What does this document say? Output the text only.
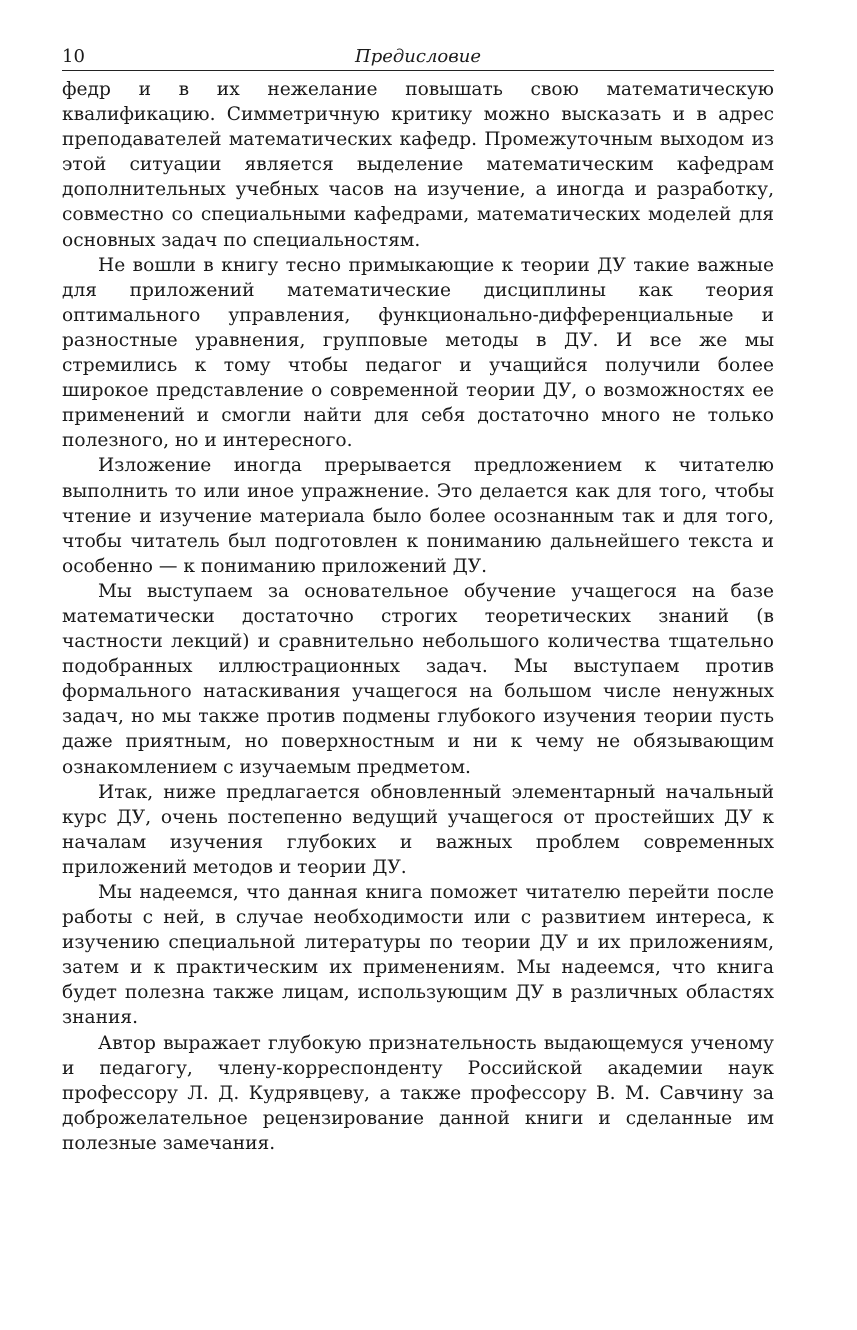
10	Предисловие

федр и в их нежелание повышать свою математическую квалификацию. Симметричную критику можно высказать и в адрес преподавателей математических кафедр. Промежуточным выходом из этой ситуации является выделение математическим кафедрам дополнительных учебных часов на изучение, а иногда и разработку, совместно со специальными кафедрами, математических моделей для основных задач по специальностям.

Не вошли в книгу тесно примыкающие к теории ДУ такие важные для приложений математические дисциплины как теория оптимального управления, функционально-дифференциальные и разностные уравнения, групповые методы в ДУ. И все же мы стремились к тому чтобы педагог и учащийся получили более широкое представление о современной теории ДУ, о возможностях ее применений и смогли найти для себя достаточно много не только полезного, но и интересного.

Изложение иногда прерывается предложением к читателю выполнить то или иное упражнение. Это делается как для того, чтобы чтение и изучение материала было более осознанным так и для того, чтобы читатель был подготовлен к пониманию дальнейшего текста и особенно — к пониманию приложений ДУ.

Мы выступаем за основательное обучение учащегося на базе математически достаточно строгих теоретических знаний (в частности лекций) и сравнительно небольшого количества тщательно подобранных иллюстрационных задач. Мы выступаем против формального натаскивания учащегося на большом числе ненужных задач, но мы также против подмены глубокого изучения теории пусть даже приятным, но поверхностным и ни к чему не обязывающим ознакомлением с изучаемым предметом.

Итак, ниже предлагается обновленный элементарный начальный курс ДУ, очень постепенно ведущий учащегося от простейших ДУ к началам изучения глубоких и важных проблем современных приложений методов и теории ДУ.

Мы надеемся, что данная книга поможет читателю перейти после работы с ней, в случае необходимости или с развитием интереса, к изучению специальной литературы по теории ДУ и их приложениям, затем и к практическим их применениям. Мы надеемся, что книга будет полезна также лицам, использующим ДУ в различных областях знания.

Автор выражает глубокую признательность выдающемуся ученому и педагогу, члену-корреспонденту Российской академии наук профессору Л. Д. Кудрявцеву, а также профессору В. М. Савчину за доброжелательное рецензирование данной книги и сделанные им полезные замечания.
